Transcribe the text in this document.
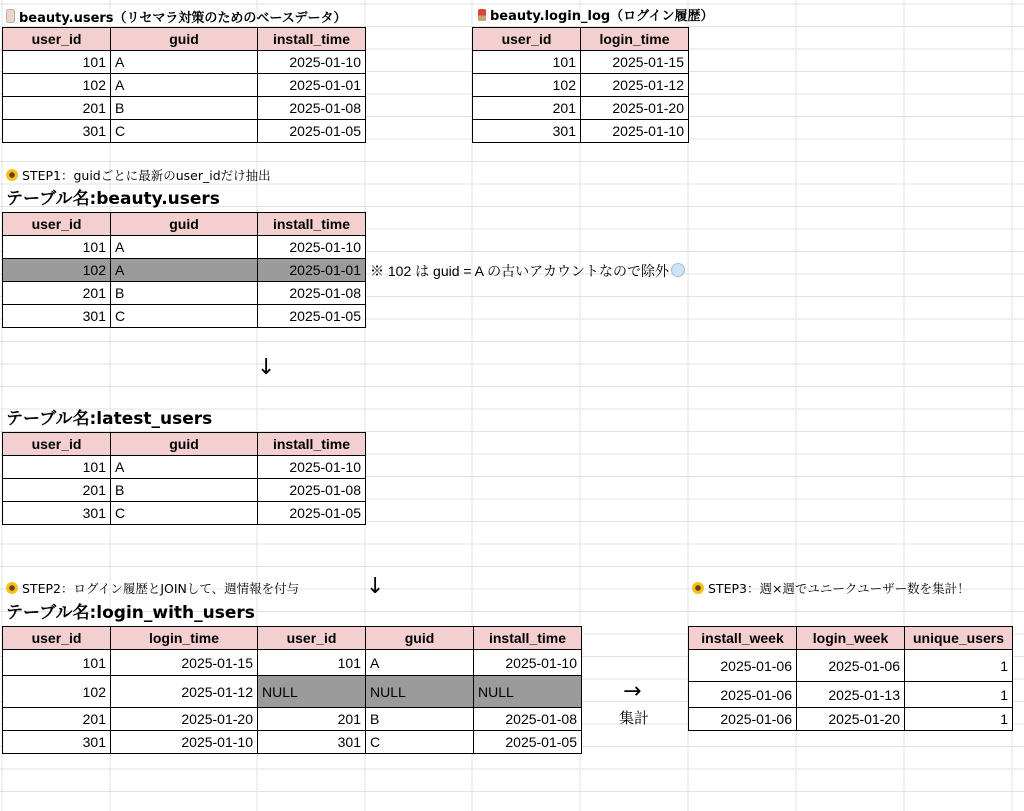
beauty.users（リセマラ対策のためのベースデータ）
user_id	guid	install_time
101	A	2025-01-10
102	A	2025-01-01
201	B	2025-01-08
301	C	2025-01-05
beauty.login_log（ログイン履歴）
user_id	login_time
101	2025-01-15
102	2025-01-12
201	2025-01-20
301	2025-01-10
STEP1：guidごとに最新のuser_idだけ抽出
テーブル名:beauty.users
user_id	guid	install_time
101	A	2025-01-10
102	A	2025-01-01
201	B	2025-01-08
301	C	2025-01-05
※ 102 は guid = A の古いアカウントなので除外
↓
テーブル名:latest_users
user_id	guid	install_time
101	A	2025-01-10
201	B	2025-01-08
301	C	2025-01-05
STEP2：ログイン履歴とJOINして、週情報を付与	↓
テーブル名:login_with_users
user_id	login_time	user_id	guid	install_time
101	2025-01-15	101	A	2025-01-10
102	2025-01-12	NULL	NULL	NULL
201	2025-01-20	201	B	2025-01-08
301	2025-01-10	301	C	2025-01-05
→
集計
STEP3：週×週でユニークユーザー数を集計！
install_week	login_week	unique_users
2025-01-06	2025-01-06	1
2025-01-06	2025-01-13	1
2025-01-06	2025-01-20	1
